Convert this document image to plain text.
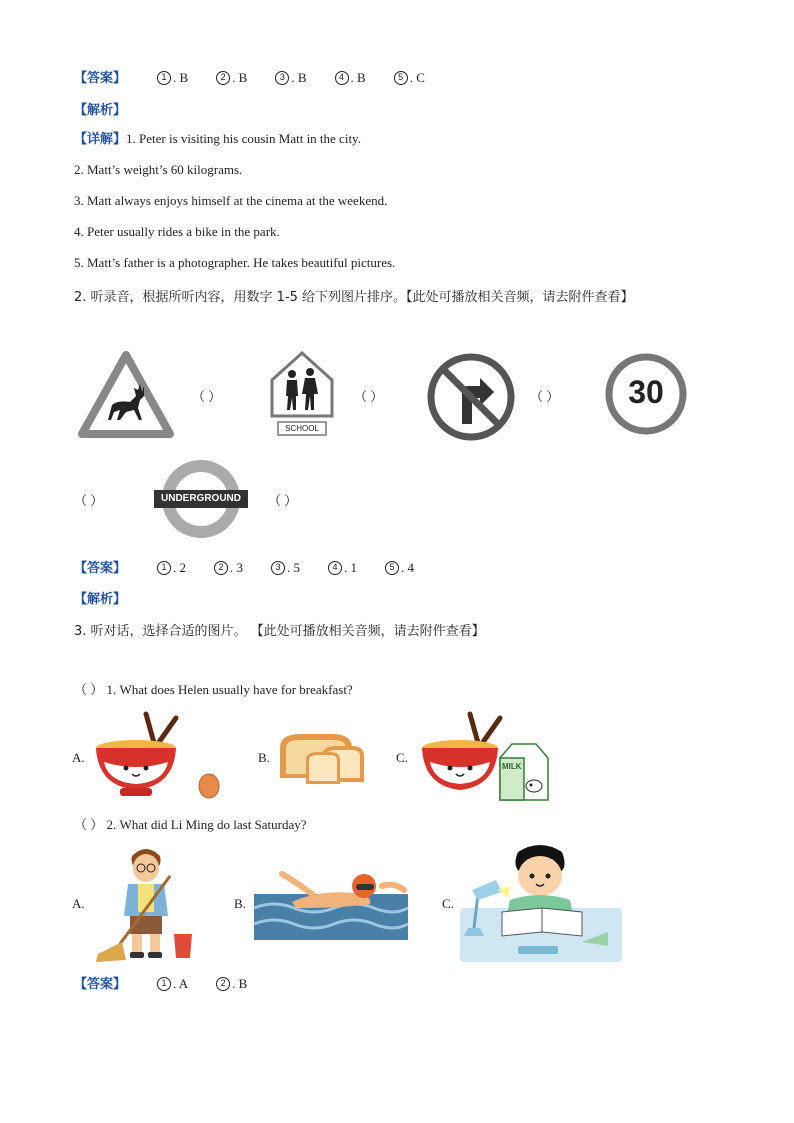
【答案】	1 . B
	2 . B
	3 . B
	4 . B
	5 . C
【解析】
【详解】1. Peter is visiting his cousin Matt in the city.
2. Matt’s weight’s 60 kilograms.
3. Matt always enjoys himself at the cinema at the weekend.
4. Peter usually rides a bike in the park.
5. Matt’s father is a photographer. He takes beautiful pictures.
2. 听录音，根据所听内容，用数字 1-5 给下列图片排序。【此处可播放相关音频，请去附件查看】
（ ）
SCHOOL
（ ）	（ ）	30
（ ）	UNDERGROUND	（ ）
【答案】	1 . 2
	2 . 3
	3 . 5
	4 . 1
	5 . 4
【解析】
3. 听对话，选择合适的图片。 【此处可播放相关音频，请去附件查看】
（ ） 1. What does Helen usually have for breakfast?
A.	B.	C.
MILK
（ ） 2. What did Li Ming do last Saturday?
A.	B.	C.
【答案】	1 . A
	2 . B
